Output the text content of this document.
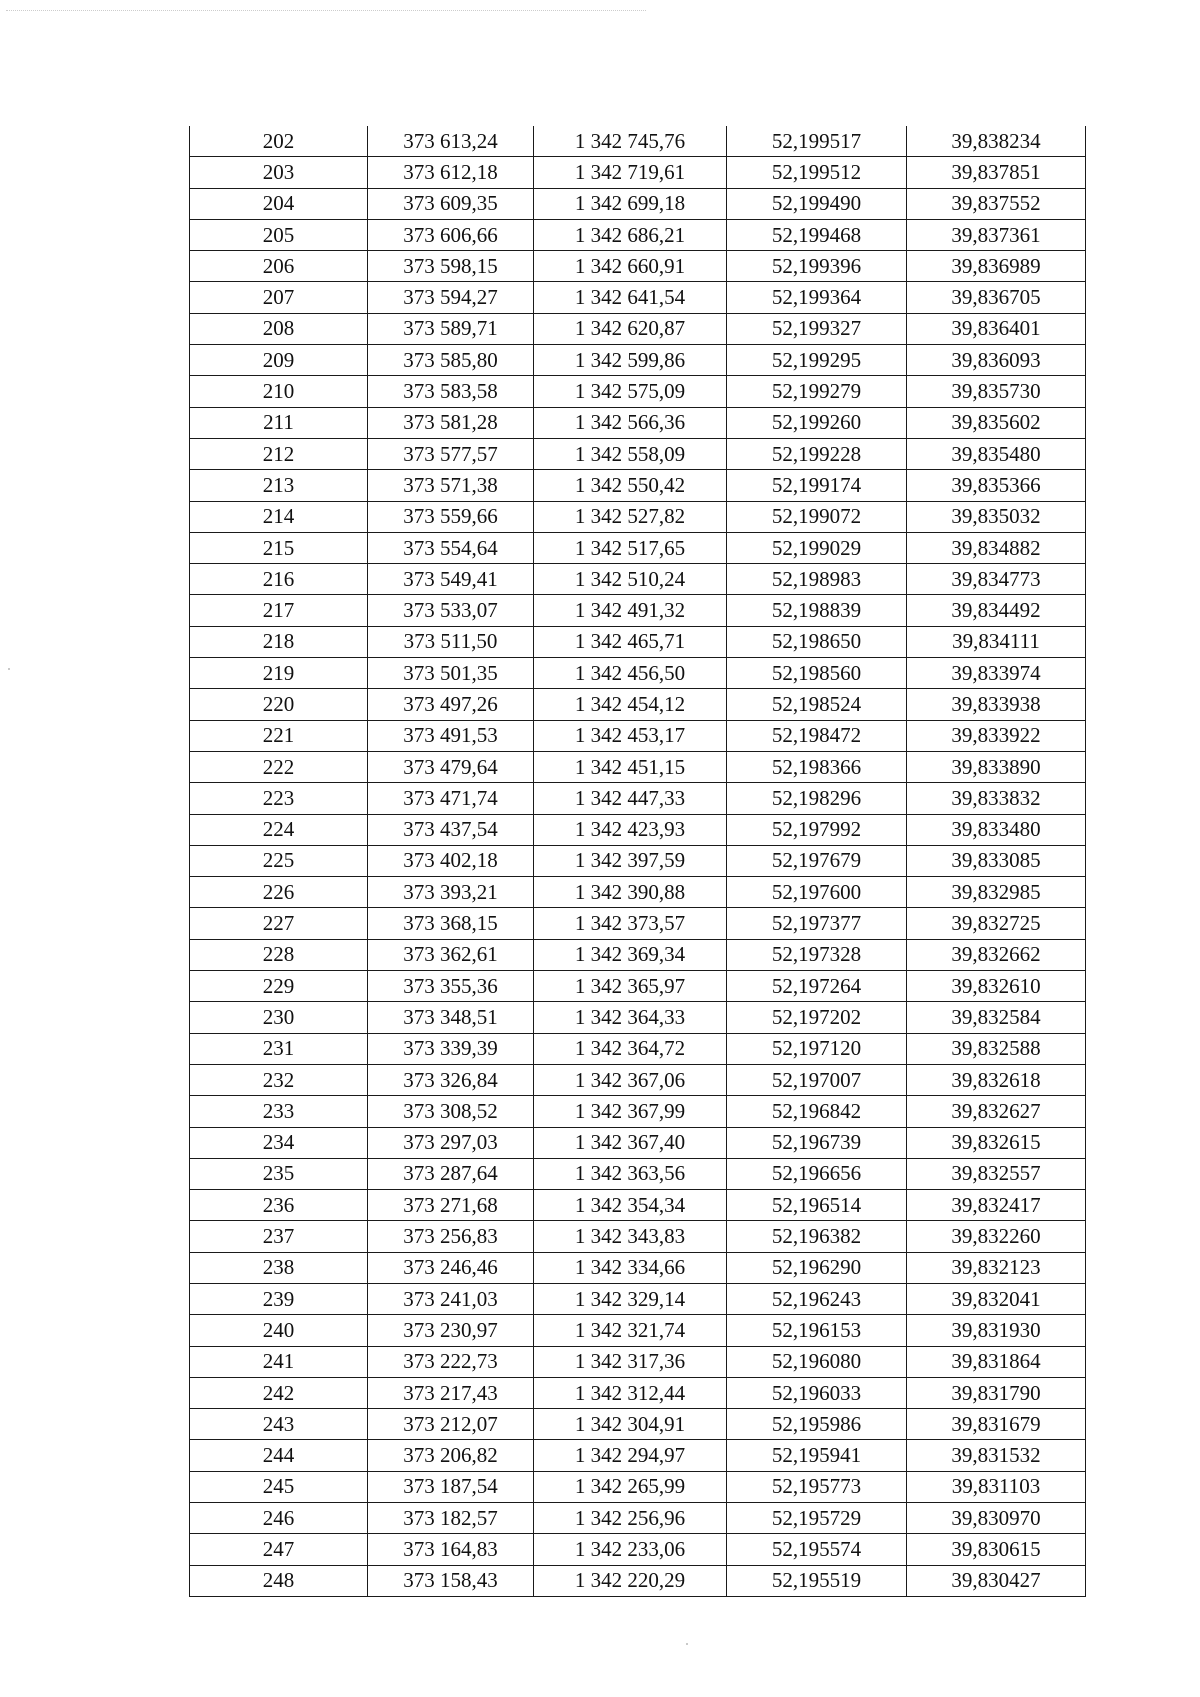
202	373 613,24	1 342 745,76	52,199517	39,838234
203	373 612,18	1 342 719,61	52,199512	39,837851
204	373 609,35	1 342 699,18	52,199490	39,837552
205	373 606,66	1 342 686,21	52,199468	39,837361
206	373 598,15	1 342 660,91	52,199396	39,836989
207	373 594,27	1 342 641,54	52,199364	39,836705
208	373 589,71	1 342 620,87	52,199327	39,836401
209	373 585,80	1 342 599,86	52,199295	39,836093
210	373 583,58	1 342 575,09	52,199279	39,835730
211	373 581,28	1 342 566,36	52,199260	39,835602
212	373 577,57	1 342 558,09	52,199228	39,835480
213	373 571,38	1 342 550,42	52,199174	39,835366
214	373 559,66	1 342 527,82	52,199072	39,835032
215	373 554,64	1 342 517,65	52,199029	39,834882
216	373 549,41	1 342 510,24	52,198983	39,834773
217	373 533,07	1 342 491,32	52,198839	39,834492
218	373 511,50	1 342 465,71	52,198650	39,834111
219	373 501,35	1 342 456,50	52,198560	39,833974
220	373 497,26	1 342 454,12	52,198524	39,833938
221	373 491,53	1 342 453,17	52,198472	39,833922
222	373 479,64	1 342 451,15	52,198366	39,833890
223	373 471,74	1 342 447,33	52,198296	39,833832
224	373 437,54	1 342 423,93	52,197992	39,833480
225	373 402,18	1 342 397,59	52,197679	39,833085
226	373 393,21	1 342 390,88	52,197600	39,832985
227	373 368,15	1 342 373,57	52,197377	39,832725
228	373 362,61	1 342 369,34	52,197328	39,832662
229	373 355,36	1 342 365,97	52,197264	39,832610
230	373 348,51	1 342 364,33	52,197202	39,832584
231	373 339,39	1 342 364,72	52,197120	39,832588
232	373 326,84	1 342 367,06	52,197007	39,832618
233	373 308,52	1 342 367,99	52,196842	39,832627
234	373 297,03	1 342 367,40	52,196739	39,832615
235	373 287,64	1 342 363,56	52,196656	39,832557
236	373 271,68	1 342 354,34	52,196514	39,832417
237	373 256,83	1 342 343,83	52,196382	39,832260
238	373 246,46	1 342 334,66	52,196290	39,832123
239	373 241,03	1 342 329,14	52,196243	39,832041
240	373 230,97	1 342 321,74	52,196153	39,831930
241	373 222,73	1 342 317,36	52,196080	39,831864
242	373 217,43	1 342 312,44	52,196033	39,831790
243	373 212,07	1 342 304,91	52,195986	39,831679
244	373 206,82	1 342 294,97	52,195941	39,831532
245	373 187,54	1 342 265,99	52,195773	39,831103
246	373 182,57	1 342 256,96	52,195729	39,830970
247	373 164,83	1 342 233,06	52,195574	39,830615
248	373 158,43	1 342 220,29	52,195519	39,830427
